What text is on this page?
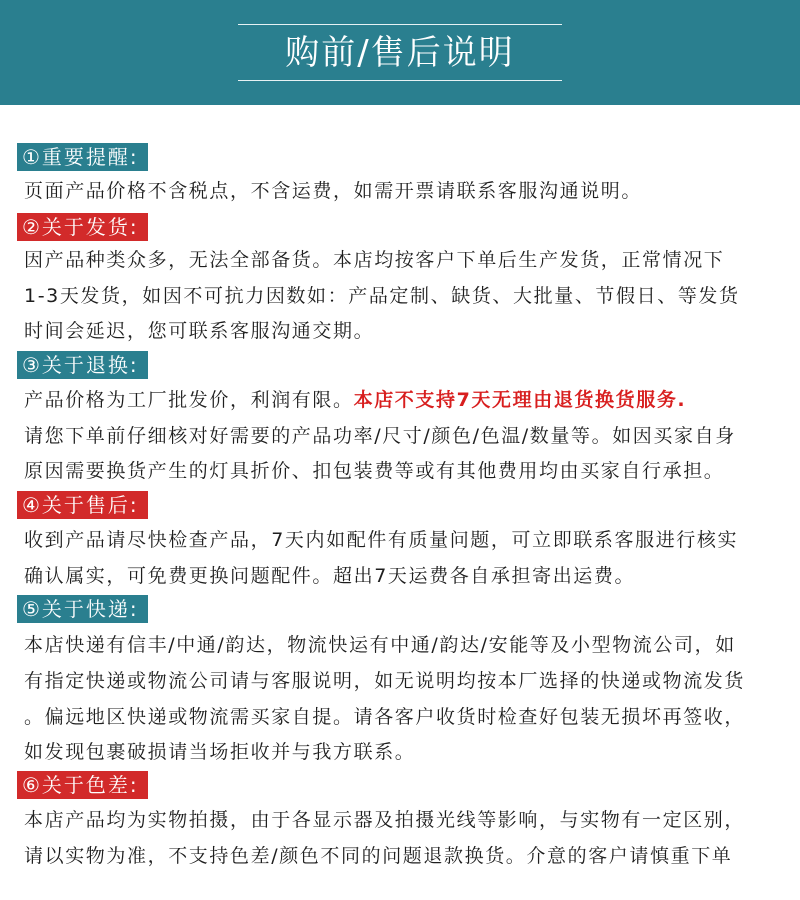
购前/售后说明
①重要提醒:
页面产品价格不含税点，不含运费，如需开票请联系客服沟通说明。
②关于发货:
因产品种类众多，无法全部备货。本店均按客户下单后生产发货，正常情况下
1-3天发货，如因不可抗力因数如：产品定制、缺货、大批量、节假日、等发货
时间会延迟，您可联系客服沟通交期。
③关于退换:
产品价格为工厂批发价，利润有限。本店不支持7天无理由退货换货服务.
请您下单前仔细核对好需要的产品功率/尺寸/颜色/色温/数量等。如因买家自身
原因需要换货产生的灯具折价、扣包装费等或有其他费用均由买家自行承担。
④关于售后:
收到产品请尽快检查产品，7天内如配件有质量问题，可立即联系客服进行核实
确认属实，可免费更换问题配件。超出7天运费各自承担寄出运费。
⑤关于快递:
本店快递有信丰/中通/韵达，物流快运有中通/韵达/安能等及小型物流公司，如
有指定快递或物流公司请与客服说明，如无说明均按本厂选择的快递或物流发货
。偏远地区快递或物流需买家自提。请各客户收货时检查好包装无损坏再签收，
如发现包裹破损请当场拒收并与我方联系。
⑥关于色差:
本店产品均为实物拍摄，由于各显示器及拍摄光线等影响，与实物有一定区别，
请以实物为准，不支持色差/颜色不同的问题退款换货。介意的客户请慎重下单
